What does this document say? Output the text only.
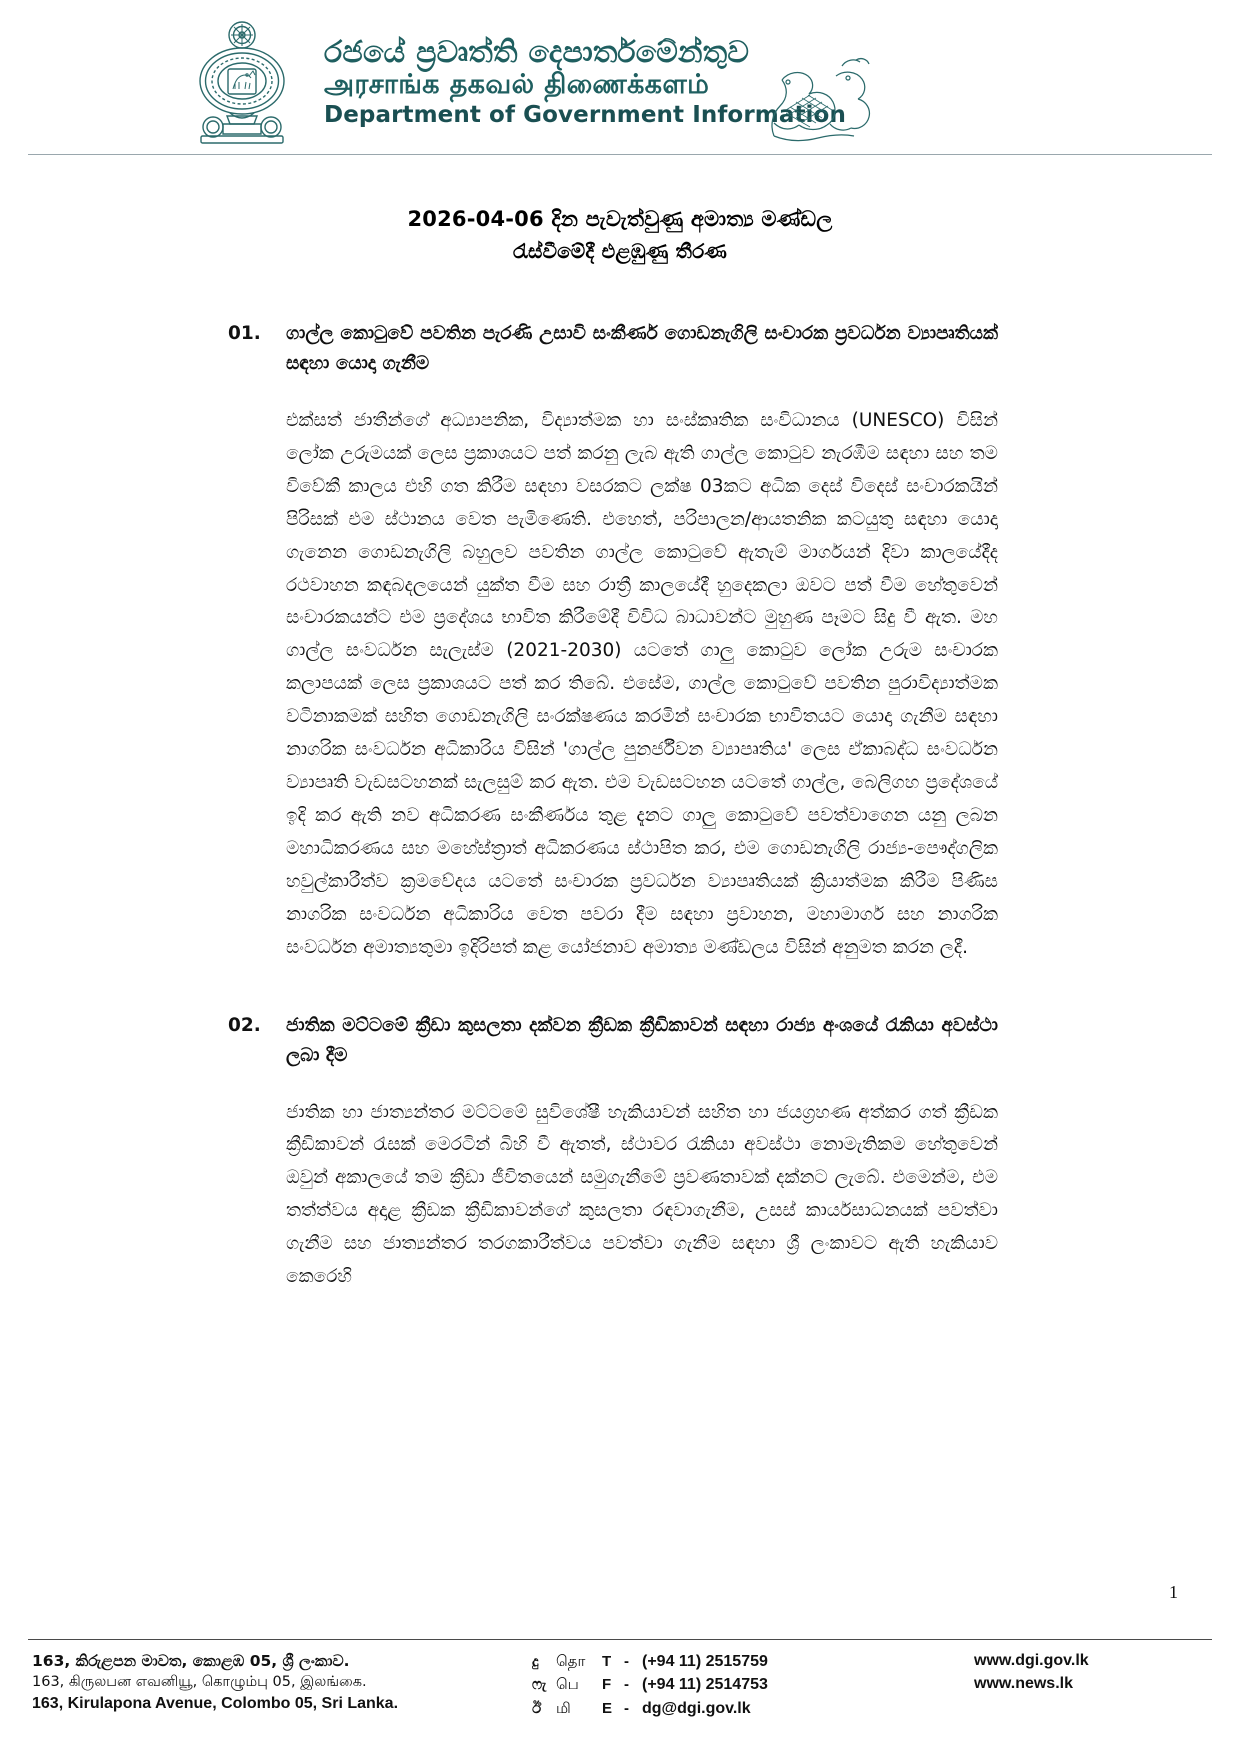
රජයේ ප්‍රවෘත්ති දෙපාර්තමේන්තුව
அரசாங்க தகவல் திணைக்களம்
Department of Government Information
2026-04-06 දින පැවැත්වුණු අමාත්‍ය මණ්ඩල
රැස්වීමේදී එළඹුණු තීරණ
01.	ගාල්ල කොටුවේ පවතින පැරණි උසාවි සංකීර්ණ ගොඩනැගිලි සංචාරක ප්‍රවර්ධන ව්‍යාපෘතියක් සඳහා යොදා ගැනීම
එක්සත් ජාතීන්ගේ අධ්‍යාපනික, විද්‍යාත්මක හා සංස්කෘතික සංවිධානය (UNESCO) විසින් ලෝක උරුමයක් ලෙස ප්‍රකාශයට පත් කරනු ලැබ ඇති ගාල්ල කොටුව නැරඹීම සඳහා සහ තම විවේකී කාලය එහි ගත කිරීම සඳහා වසරකට ලක්ෂ 03කට අධික දෙස් විදෙස් සංචාරකයින් පිරිසක් එම ස්ථානය වෙත පැමිණෙති. එහෙත්, පරිපාලන/ආයතනික කටයුතු සඳහා යොදා ගැනෙන ගොඩනැගිලි බහුලව පවතින ගාල්ල කොටුවේ ඇතැම් මාර්ගයන් දිවා කාලයේදීද රථවාහන කඳබදලයෙන් යුක්ත වීම සහ රාත්‍රී කාලයේදී හුදෙකලා ඔවට පත් වීම හේතුවෙන් සංචාරකයන්ට එම ප්‍රදේශය භාවිත කිරීමේදී විවිධ බාධාවන්ට මුහුණ පෑමට සිදු වී ඇත. මහ ගාල්ල සංවර්ධන සැලැස්ම (2021-2030) යටතේ ගාලු කොටුව ලෝක උරුම සංචාරක කලාපයක් ලෙස ප්‍රකාශයට පත් කර තිබේ. එසේම, ගාල්ල කොටුවේ පවතින පුරාවිද්‍යාත්මක වටිනාකමක් සහිත ගොඩනැගිලි සංරක්ෂණය කරමින් සංචාරක භාවිතයට යොදා ගැනීම සඳහා නාගරික සංවර්ධන අධිකාරිය විසින් 'ගාල්ල පුනර්ජීවන ව්‍යාපෘතිය' ලෙස ඒකාබද්ධ සංවර්ධන ව්‍යාපෘති වැඩසටහනක් සැලසුම් කර ඇත. එම වැඩසටහන යටතේ ගාල්ල, බෙලිගහ ප්‍රදේශයේ ඉදි කර ඇති නව අධිකරණ සංකීර්ණය තුළ දැනට ගාලු කොටුවේ පවත්වාගෙන යනු ලබන මහාධිකරණය සහ මහේස්ත්‍රාත් අධිකරණය ස්ථාපිත කර, එම ගොඩනැගිලි රාජ්‍ය-පෞද්ගලික හවුල්කාරීත්ව ක්‍රමවේදය යටතේ සංචාරක ප්‍රවර්ධන ව්‍යාපෘතියක් ක්‍රියාත්මක කිරීම පිණිස නාගරික සංවර්ධන අධිකාරිය වෙත පවරා දීම සඳහා ප්‍රවාහන, මහාමාර්ග සහ නාගරික සංවර්ධන අමාත්‍යතුමා ඉදිරිපත් කළ යෝජනාව අමාත්‍ය මණ්ඩලය විසින් අනුමත කරන ලදී.
02.	ජාතික මට්ටමේ ක්‍රීඩා කුසලතා දක්වන ක්‍රීඩක ක්‍රීඩිකාවන් සඳහා රාජ්‍ය අංශයේ රැකියා අවස්ථා ලබා දීම
ජාතික හා ජාත්‍යන්තර මට්ටමේ සුවිශේෂී හැකියාවන් සහිත හා ජයග්‍රහණ අත්කර ගත් ක්‍රීඩක ක්‍රීඩිකාවන් රැසක් මෙරටින් බිහි වී ඇතත්, ස්ථාවර රැකියා අවස්ථා නොමැතිකම හේතුවෙන් ඔවුන් අකාලයේ තම ක්‍රීඩා ජීවිතයෙන් සමුගැනීමේ ප්‍රවණතාවක් දක්නට ලැබේ. එමෙන්ම, එම තත්ත්වය අදාළ ක්‍රීඩක ක්‍රීඩිකාවන්ගේ කුසලතා රඳවාගැනීම, උසස් කාර්යසාධනයක් පවත්වා ගැනීම සහ ජාත්‍යන්තර තරගකාරීත්වය පවත්වා ගැනීම සඳහා ශ්‍රී ලංකාවට ඇති හැකියාව කෙරෙහි
1
163, කිරුළපන මාවත, කොළඹ 05, ශ්‍රී ලංකාව.
163, கிருலபன எவனியூ, கொழும்பு 05, இலங்கை.
163, Kirulapona Avenue, Colombo 05, Sri Lanka.
දු	தொ	T - (+94 11) 2515759
ෆැ பெ	F - (+94 11) 2514753
ඊ மி	E - dg@dgi.gov.lk
www.dgi.gov.lk
www.news.lk
